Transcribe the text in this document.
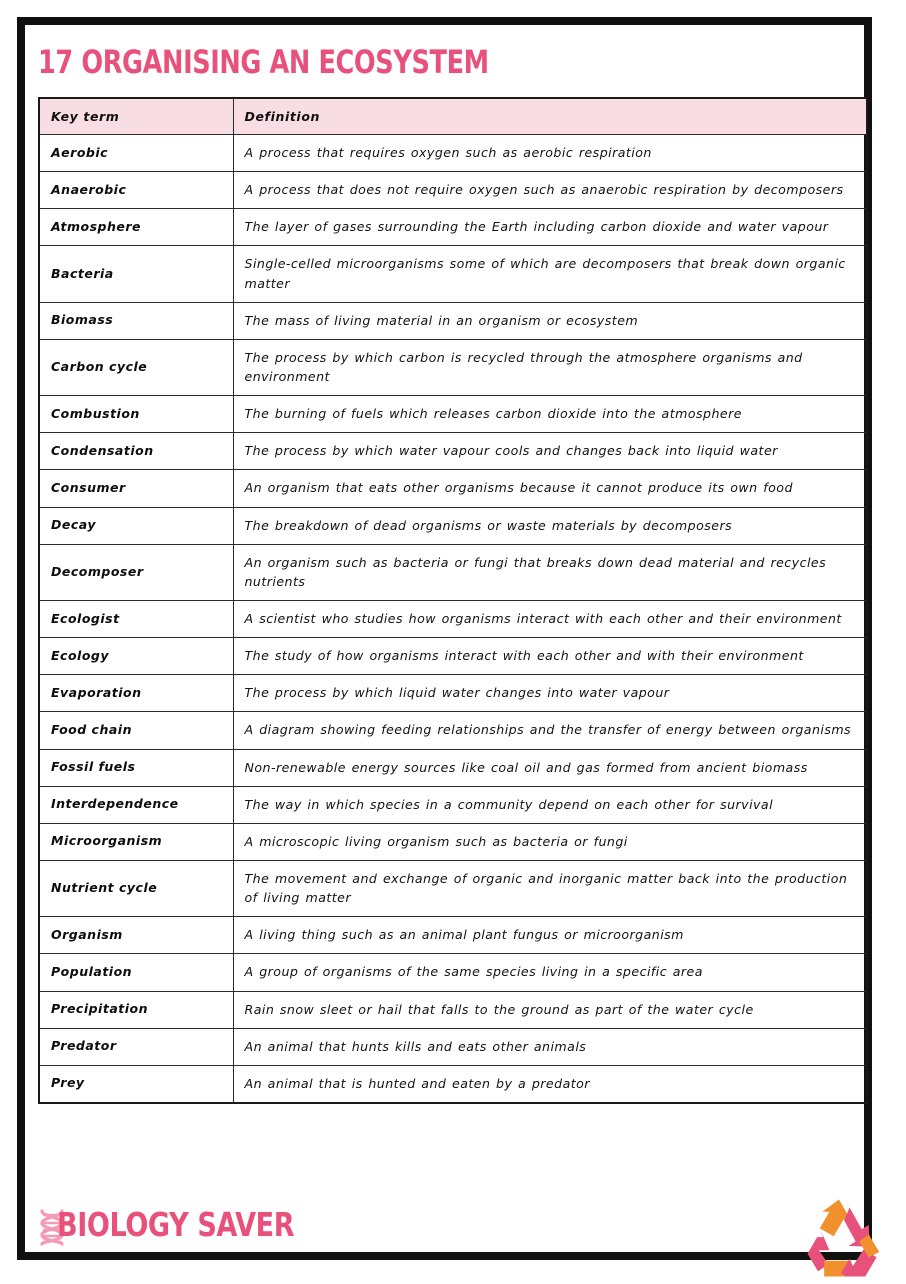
17 ORGANISING AN ECOSYSTEM
Key term	Definition
Aerobic	A process that requires oxygen such as aerobic respiration
Anaerobic	A process that does not require oxygen such as anaerobic respiration by decomposers
Atmosphere	The layer of gases surrounding the Earth including carbon dioxide and water vapour
Bacteria	Single-celled microorganisms some of which are decomposers that break down organic matter
Biomass	The mass of living material in an organism or ecosystem
Carbon cycle	The process by which carbon is recycled through the atmosphere organisms and environment
Combustion	The burning of fuels which releases carbon dioxide into the atmosphere
Condensation	The process by which water vapour cools and changes back into liquid water
Consumer	An organism that eats other organisms because it cannot produce its own food
Decay	The breakdown of dead organisms or waste materials by decomposers
Decomposer	An organism such as bacteria or fungi that breaks down dead material and recycles nutrients
Ecologist	A scientist who studies how organisms interact with each other and their environment
Ecology	The study of how organisms interact with each other and with their environment
Evaporation	The process by which liquid water changes into water vapour
Food chain	A diagram showing feeding relationships and the transfer of energy between organisms
Fossil fuels	Non-renewable energy sources like coal oil and gas formed from ancient biomass
Interdependence	The way in which species in a community depend on each other for survival
Microorganism	A microscopic living organism such as bacteria or fungi
Nutrient cycle	The movement and exchange of organic and inorganic matter back into the production of living matter
Organism	A living thing such as an animal plant fungus or microorganism
Population	A group of organisms of the same species living in a specific area
Precipitation	Rain snow sleet or hail that falls to the ground as part of the water cycle
Predator	An animal that hunts kills and eats other animals
Prey	An animal that is hunted and eaten by a predator
BIOLOGY SAVER
